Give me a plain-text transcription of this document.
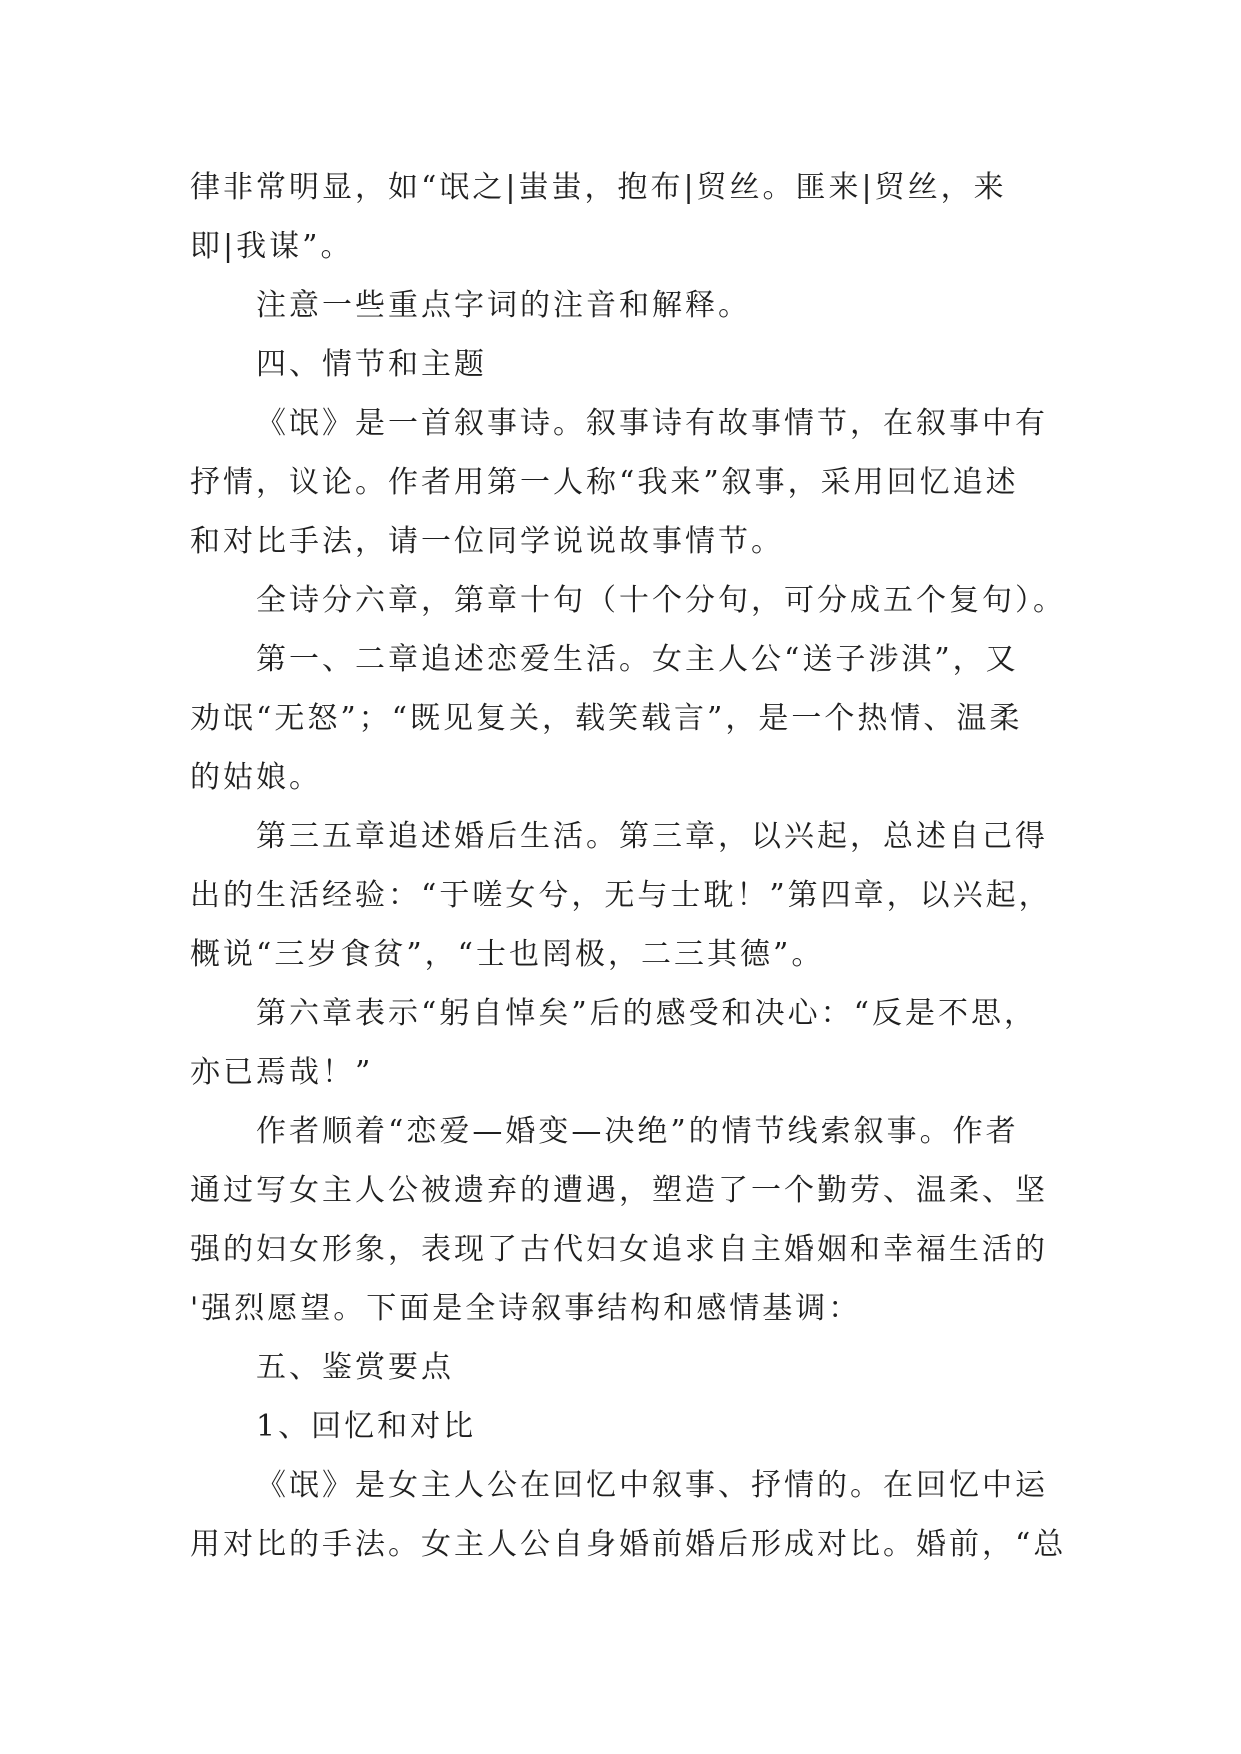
律非常明显，如“氓之|蚩蚩，抱布|贸丝。匪来|贸丝，来
即|我谋”。

注意一些重点字词的注音和解释。

四、情节和主题

《氓》是一首叙事诗。叙事诗有故事情节，在叙事中有
抒情，议论。作者用第一人称“我来”叙事，采用回忆追述
和对比手法，请一位同学说说故事情节。

全诗分六章，第章十句（十个分句，可分成五个复句）。

第一、二章追述恋爱生活。女主人公“送子涉淇”，又
劝氓“无怒”；“既见复关，载笑载言”，是一个热情、温柔
的姑娘。

第三五章追述婚后生活。第三章，以兴起，总述自己得
出的生活经验：“于嗟女兮，无与士耽！”第四章，以兴起，
概说“三岁食贫”，“士也罔极，二三其德”。

第六章表示“躬自悼矣”后的感受和决心：“反是不思，
亦已焉哉！”

作者顺着“恋爱—婚变—决绝”的情节线索叙事。作者
通过写女主人公被遗弃的遭遇，塑造了一个勤劳、温柔、坚
强的妇女形象，表现了古代妇女追求自主婚姻和幸福生活的
'强烈愿望。下面是全诗叙事结构和感情基调：

五、鉴赏要点

1、回忆和对比

《氓》是女主人公在回忆中叙事、抒情的。在回忆中运
用对比的手法。女主人公自身婚前婚后形成对比。婚前，“总
